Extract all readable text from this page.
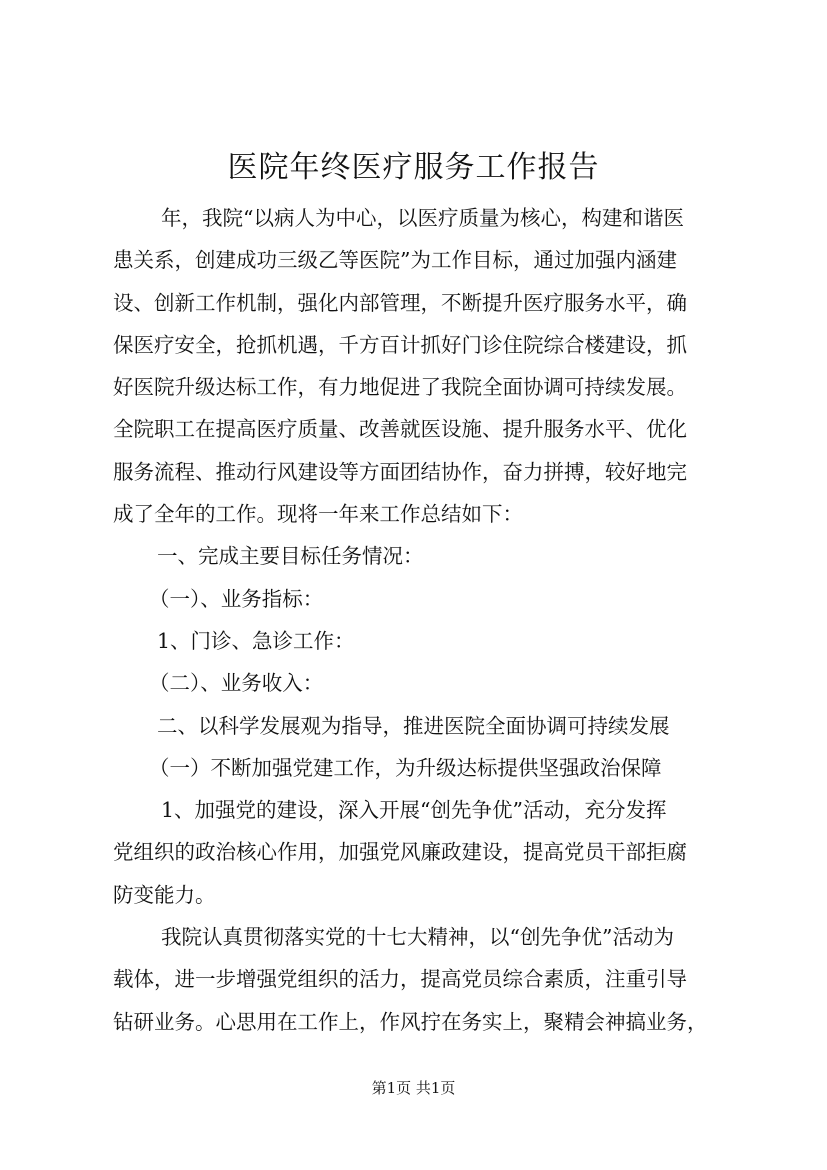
医院年终医疗服务工作报告

年，我院“以病人为中心，以医疗质量为核心，构建和谐医

患关系，创建成功三级乙等医院”为工作目标，通过加强内涵建

设、创新工作机制，强化内部管理，不断提升医疗服务水平，确

保医疗安全，抢抓机遇，千方百计抓好门诊住院综合楼建设，抓

好医院升级达标工作，有力地促进了我院全面协调可持续发展。

全院职工在提高医疗质量、改善就医设施、提升服务水平、优化

服务流程、推动行风建设等方面团结协作，奋力拼搏，较好地完

成了全年的工作。现将一年来工作总结如下：

一、完成主要目标任务情况：

（一）、业务指标：

1、门诊、急诊工作：

（二）、业务收入：

二、以科学发展观为指导，推进医院全面协调可持续发展

（一）不断加强党建工作，为升级达标提供坚强政治保障

1、加强党的建设，深入开展“创先争优”活动，充分发挥

党组织的政治核心作用，加强党风廉政建设，提高党员干部拒腐

防变能力。

我院认真贯彻落实党的十七大精神，以“创先争优”活动为

载体，进一步增强党组织的活力，提高党员综合素质，注重引导

钻研业务。心思用在工作上，作风拧在务实上，聚精会神搞业务，

第1页 共1页
